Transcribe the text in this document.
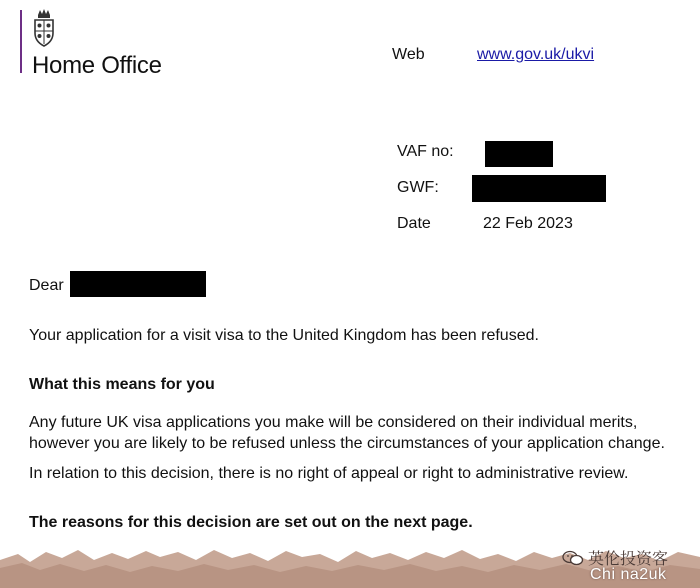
Home Office	Web	www.gov.uk/ukvi
VAF no:
GWF:
Date	22 Feb 2023
Dear
Your application for a visit visa to the United Kingdom has been refused.
What this means for you
Any future UK visa applications you make will be considered on their individual merits, however you are likely to be refused unless the circumstances of your application change.
In relation to this decision, there is no right of appeal or right to administrative review.
The reasons for this decision are set out on the next page.
英伦投资客
Chi na2uk
